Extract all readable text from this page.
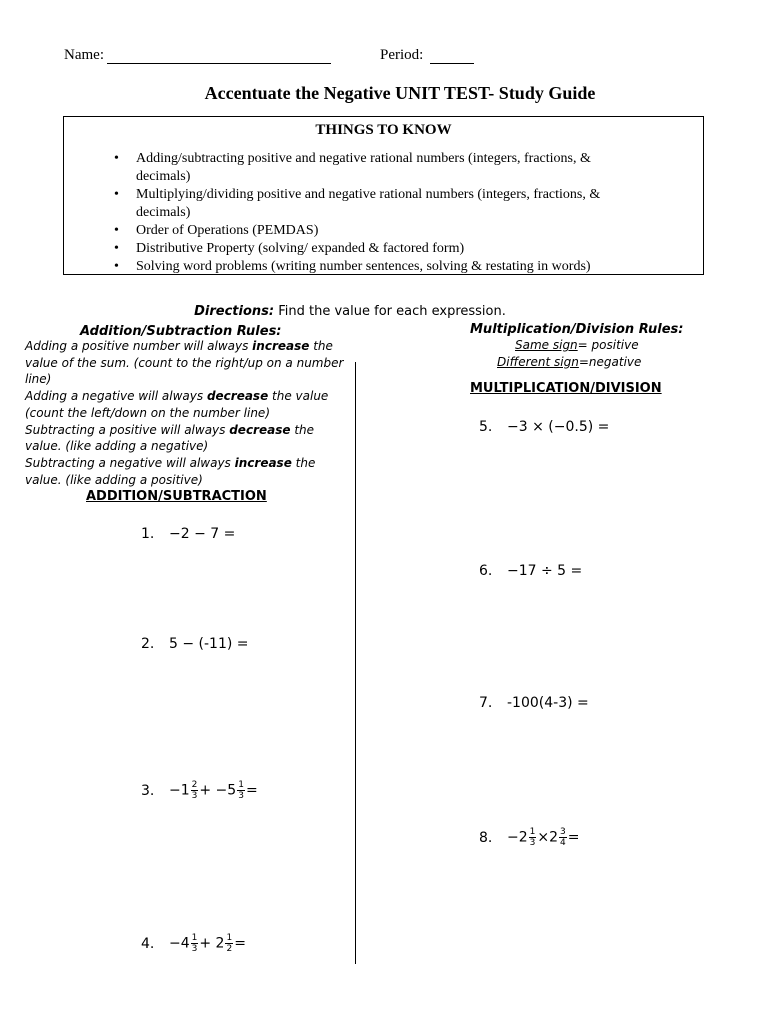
Name:	Period:
Accentuate the Negative UNIT TEST- Study Guide
THINGS TO KNOW
• Adding/subtracting positive and negative rational numbers (integers, fractions, & decimals)
• Multiplying/dividing positive and negative rational numbers (integers, fractions, & decimals)
• Order of Operations (PEMDAS)
• Distributive Property (solving/ expanded & factored form)
• Solving word problems (writing number sentences, solving & restating in words)
Directions: Find the value for each expression.
Addition/Subtraction Rules:

Adding a positive number will always increase the value of the sum. (count to the right/up on a number line)

Adding a negative will always decrease the value (count the left/down on the number line)

Subtracting a positive will always decrease the value. (like adding a negative)

Subtracting a negative will always increase the value. (like adding a positive)

ADDITION/SUBTRACTION
Multiplication/Division Rules:
Same sign= positive
Different sign=negative
MULTIPLICATION/DIVISION
1. −2 − 7 =
2. 5 − (-11) =
3. $-1 \frac{2}{3} + -5 \frac{1}{3}$ =
4. $-4 \frac{1}{3} + 2 \frac{1}{2}$ =
5. −3 × (−0.5) =
6. −17 ÷ 5 =
7. -100(4-3) =
8. $-2 \frac{1}{3} \times 2 \frac{3}{4}$ =
